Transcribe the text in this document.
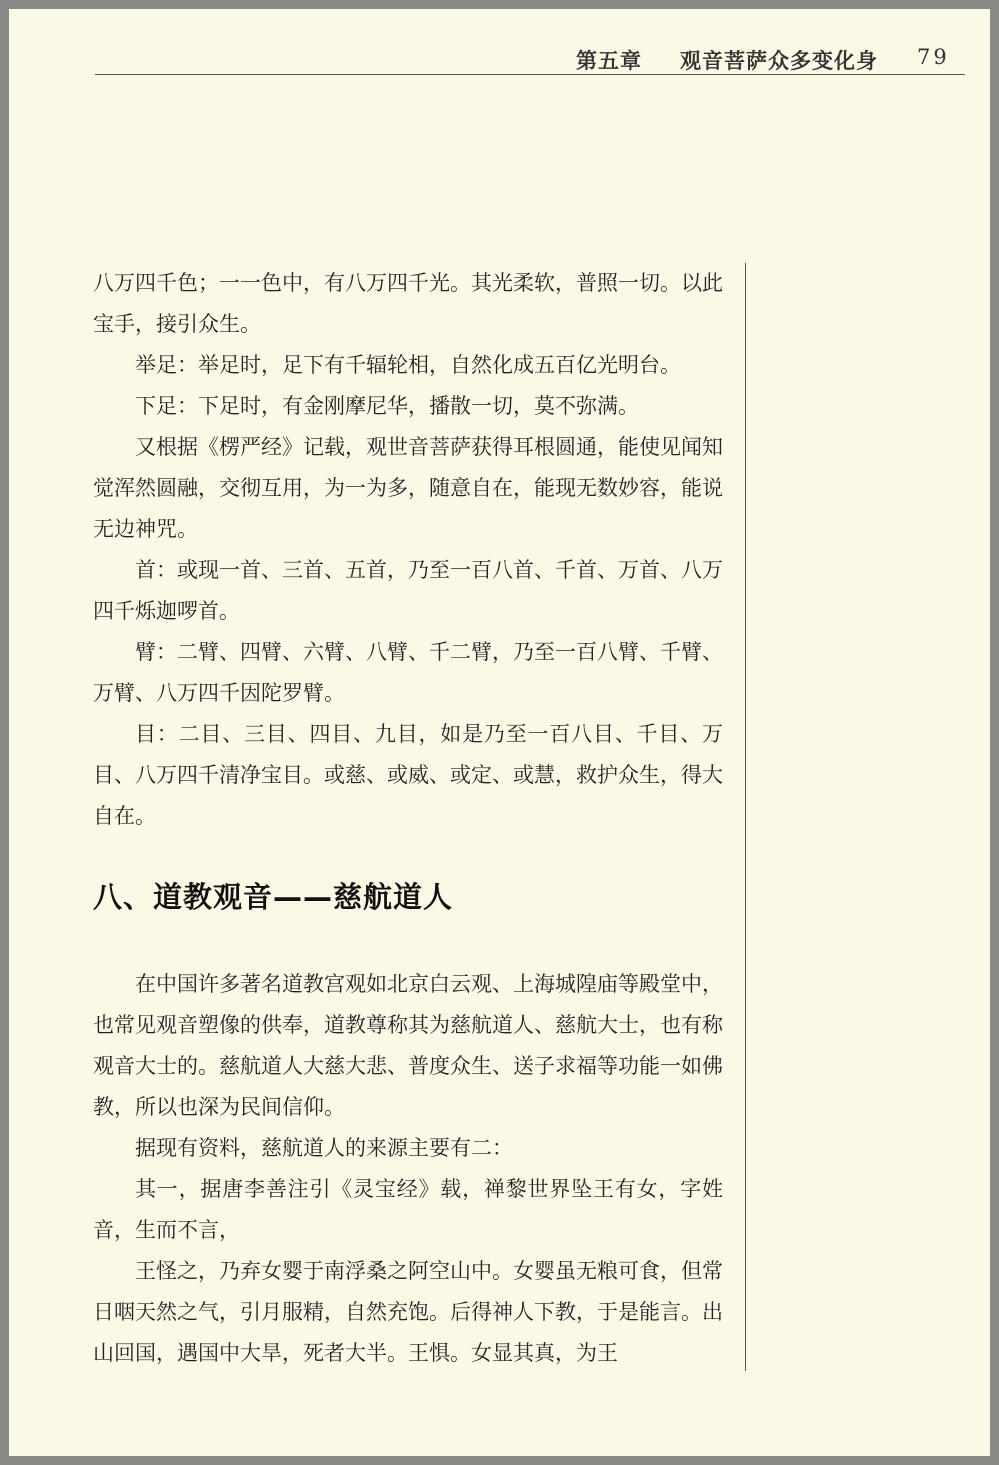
第五章 观音菩萨众多变化身 79

八万四千色；一一色中，有八万四千光。其光柔软，普照一切。以此宝手，接引众生。

举足：举足时，足下有千辐轮相，自然化成五百亿光明台。

下足：下足时，有金刚摩尼华，播散一切，莫不弥满。

又根据《楞严经》记载，观世音菩萨获得耳根圆通，能使见闻知觉浑然圆融，交彻互用，为一为多，随意自在，能现无数妙容，能说无边神咒。

首：或现一首、三首、五首，乃至一百八首、千首、万首、八万四千烁迦啰首。

臂：二臂、四臂、六臂、八臂、千二臂，乃至一百八臂、千臂、万臂、八万四千因陀罗臂。

目：二目、三目、四目、九目，如是乃至一百八目、千目、万目、八万四千清净宝目。或慈、或威、或定、或慧，救护众生，得大自在。

八、道教观音——慈航道人

在中国许多著名道教宫观如北京白云观、上海城隍庙等殿堂中，也常见观音塑像的供奉，道教尊称其为慈航道人、慈航大士，也有称观音大士的。慈航道人大慈大悲、普度众生、送子求福等功能一如佛教，所以也深为民间信仰。

据现有资料，慈航道人的来源主要有二：

其一，据唐李善注引《灵宝经》载，禅黎世界坠王有女，字姓音，生而不言，

王怪之，乃弃女婴于南浮桑之阿空山中。女婴虽无粮可食，但常日咽天然之气，引月服精，自然充饱。后得神人下教，于是能言。出山回国，遇国中大旱，死者大半。王惧。女显其真，为王
